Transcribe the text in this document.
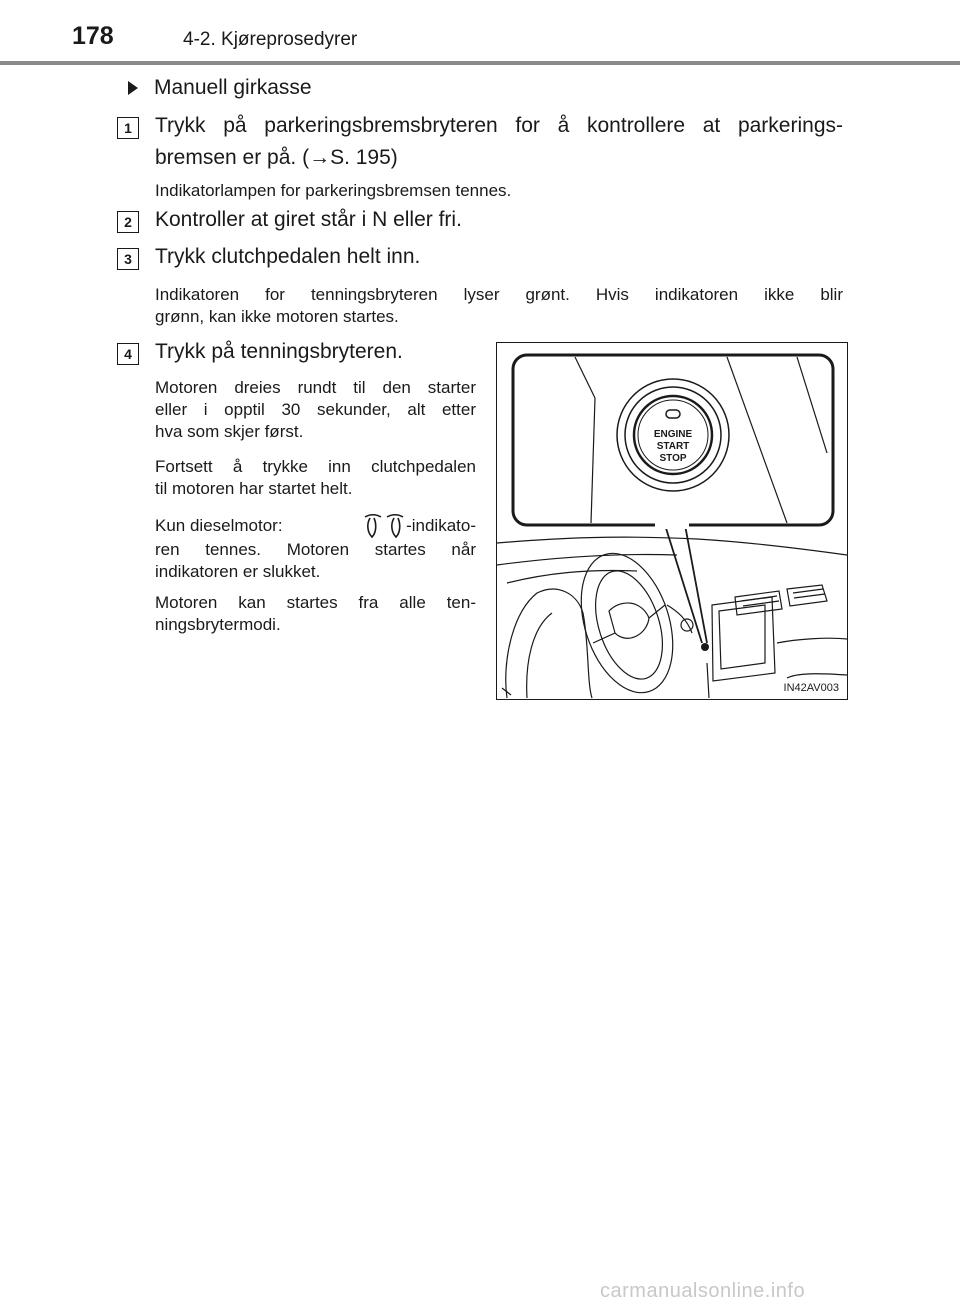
178	4-2. Kjøreprosedyrer
Manuell girkasse
1	Trykk på parkeringsbremsbryteren for å kontrollere at parkerings-
bremsen er på. (→S. 195)
Indikatorlampen for parkeringsbremsen tennes.
2	Kontroller at giret står i N eller fri.
3	Trykk clutchpedalen helt inn.
Indikatoren for tenningsbryteren lyser grønt. Hvis indikatoren ikke blir
grønn, kan ikke motoren startes.
4	Trykk på tenningsbryteren.
Motoren dreies rundt til den starter
eller i opptil 30 sekunder, alt etter
hva som skjer først.
Fortsett å trykke inn clutchpedalen
til motoren har startet helt.
Kun dieselmotor:	-indikato-
ren tennes. Motoren startes når
indikatoren er slukket.
Motoren kan startes fra alle ten-
ningsbrytermodi.
ENGINE
START
STOP
IN42AV003
carmanualsonline.info
